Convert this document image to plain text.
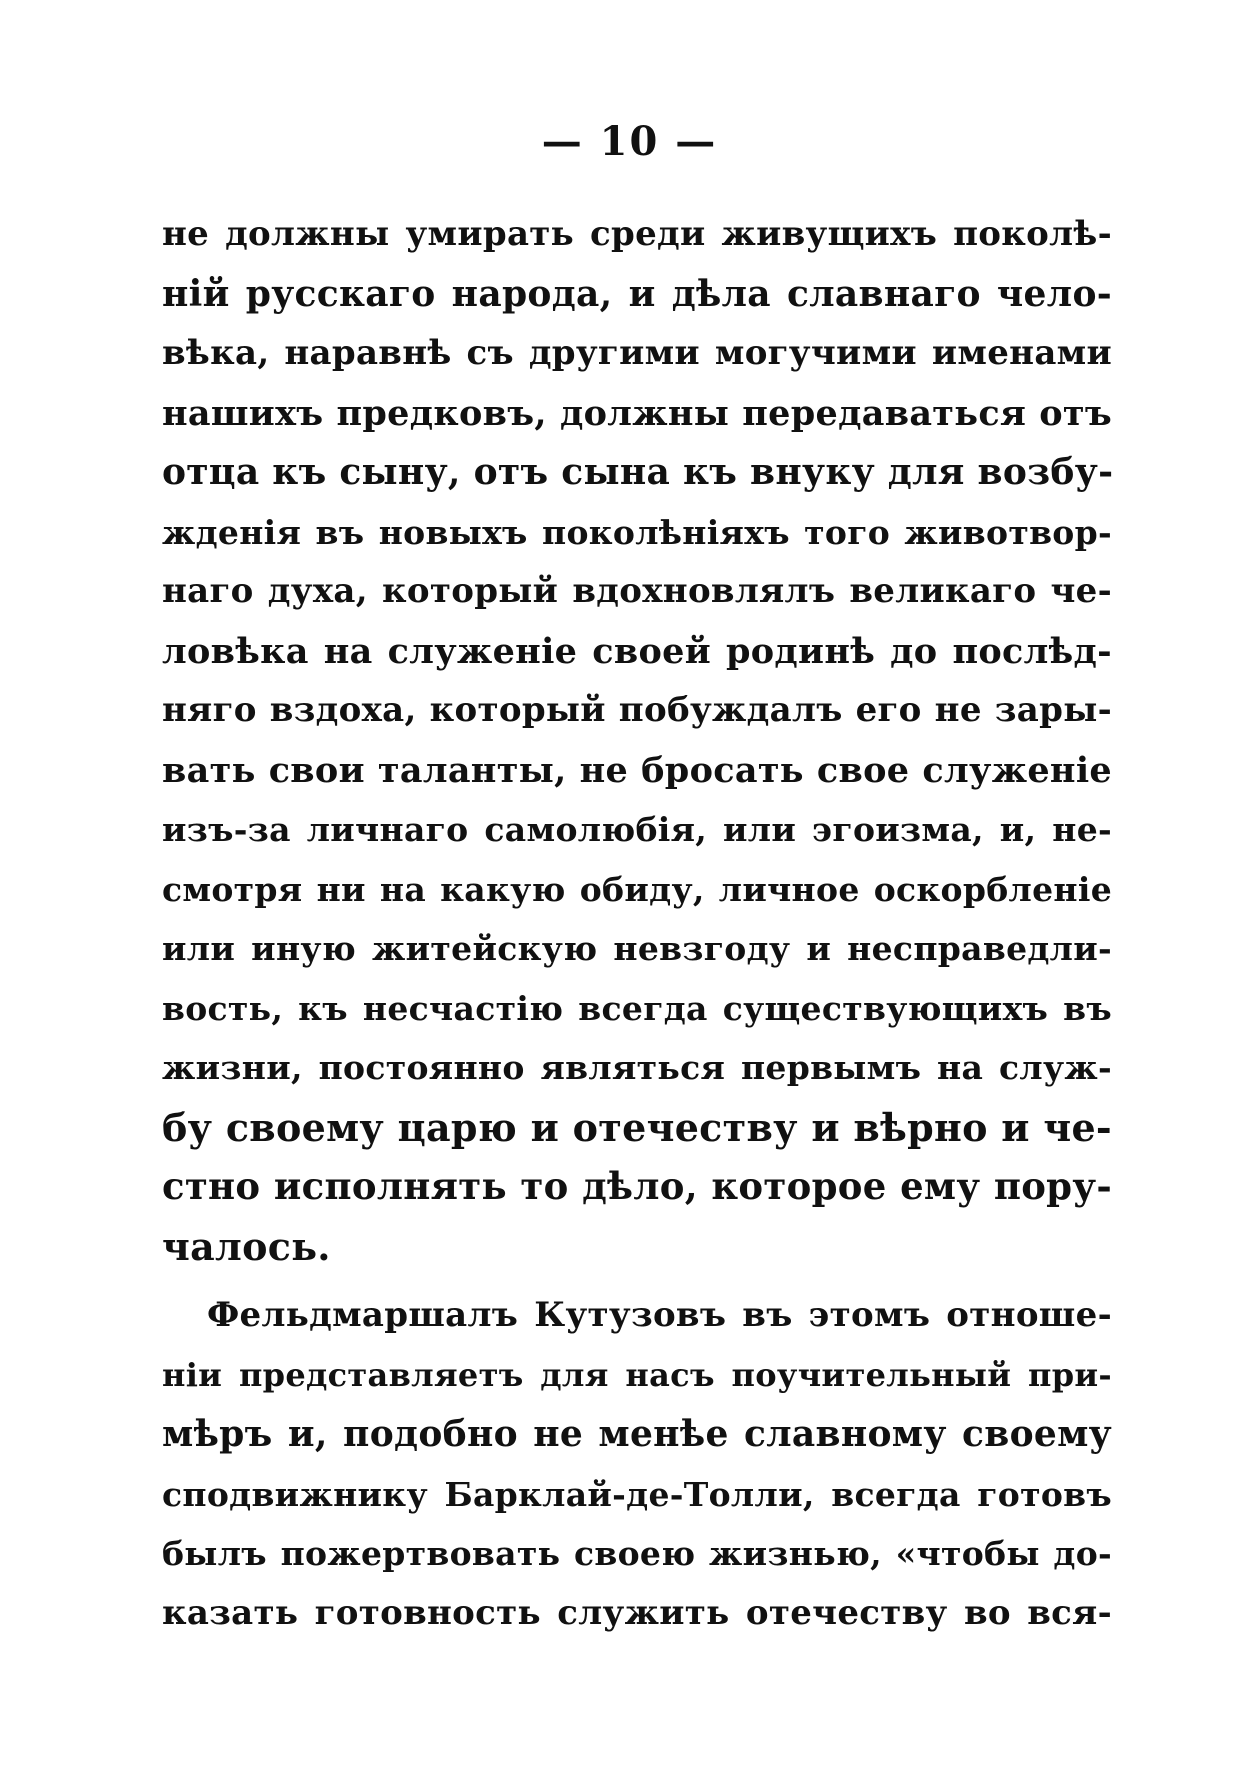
— 10 —
не должны умирать среди живущихъ поколѣ-
нiй русскаго народа, и дѣла славнаго чело-
вѣка, наравнѣ съ другими могучими именами
нашихъ предковъ, должны передаваться отъ
отца къ сыну, отъ сына къ внуку для возбу-
жденiя въ новыхъ поколѣнiяхъ того животвор-
наго духа, который вдохновлялъ великаго че-
ловѣка на служенiе своей родинѣ до послѣд-
няго вздоха, который побуждалъ его не зары-
вать свои таланты, не бросать свое служенiе
изъ-за личнаго самолюбiя, или эгоизма, и, не-
смотря ни на какую обиду, личное оскорбленiе
или иную житейскую невзгоду и несправедли-
вость, къ несчастiю всегда существующихъ въ
жизни, постоянно являться первымъ на служ-
бу своему царю и отечеству и вѣрно и че-
стно исполнять то дѣло, которое ему пору-
чалось.
Фельдмаршалъ Кутузовъ въ этомъ отноше-
нiи представляетъ для насъ поучительный при-
мѣръ и, подобно не менѣе славному своему
сподвижнику Барклай-де-Толли, всегда готовъ
былъ пожертвовать своею жизнью, «чтобы до-
казать готовность служить отечеству во вся-
